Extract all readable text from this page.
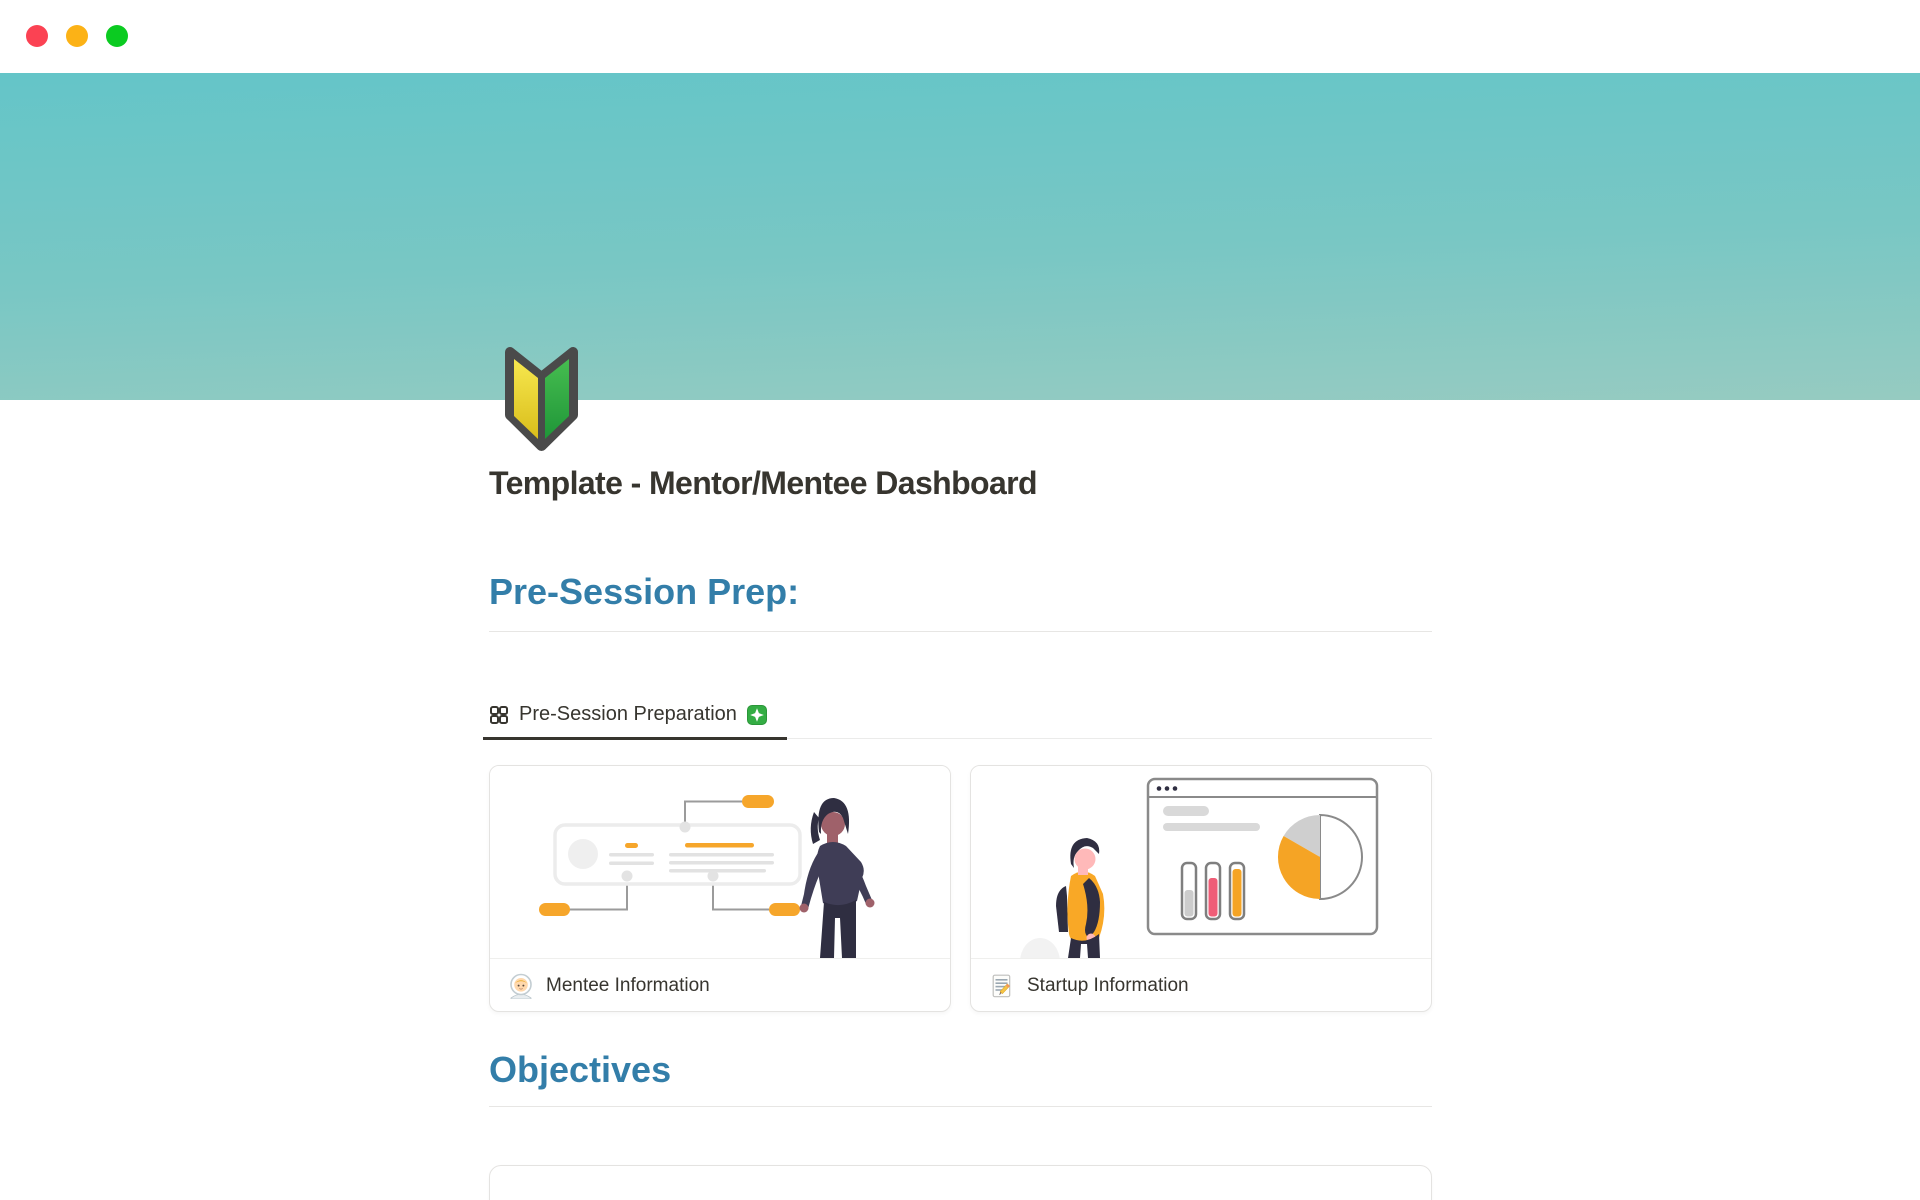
Template - Mentor/Mentee Dashboard
Pre-Session Prep:
Pre-Session Preparation
Mentee Information	Startup Information
Objectives
